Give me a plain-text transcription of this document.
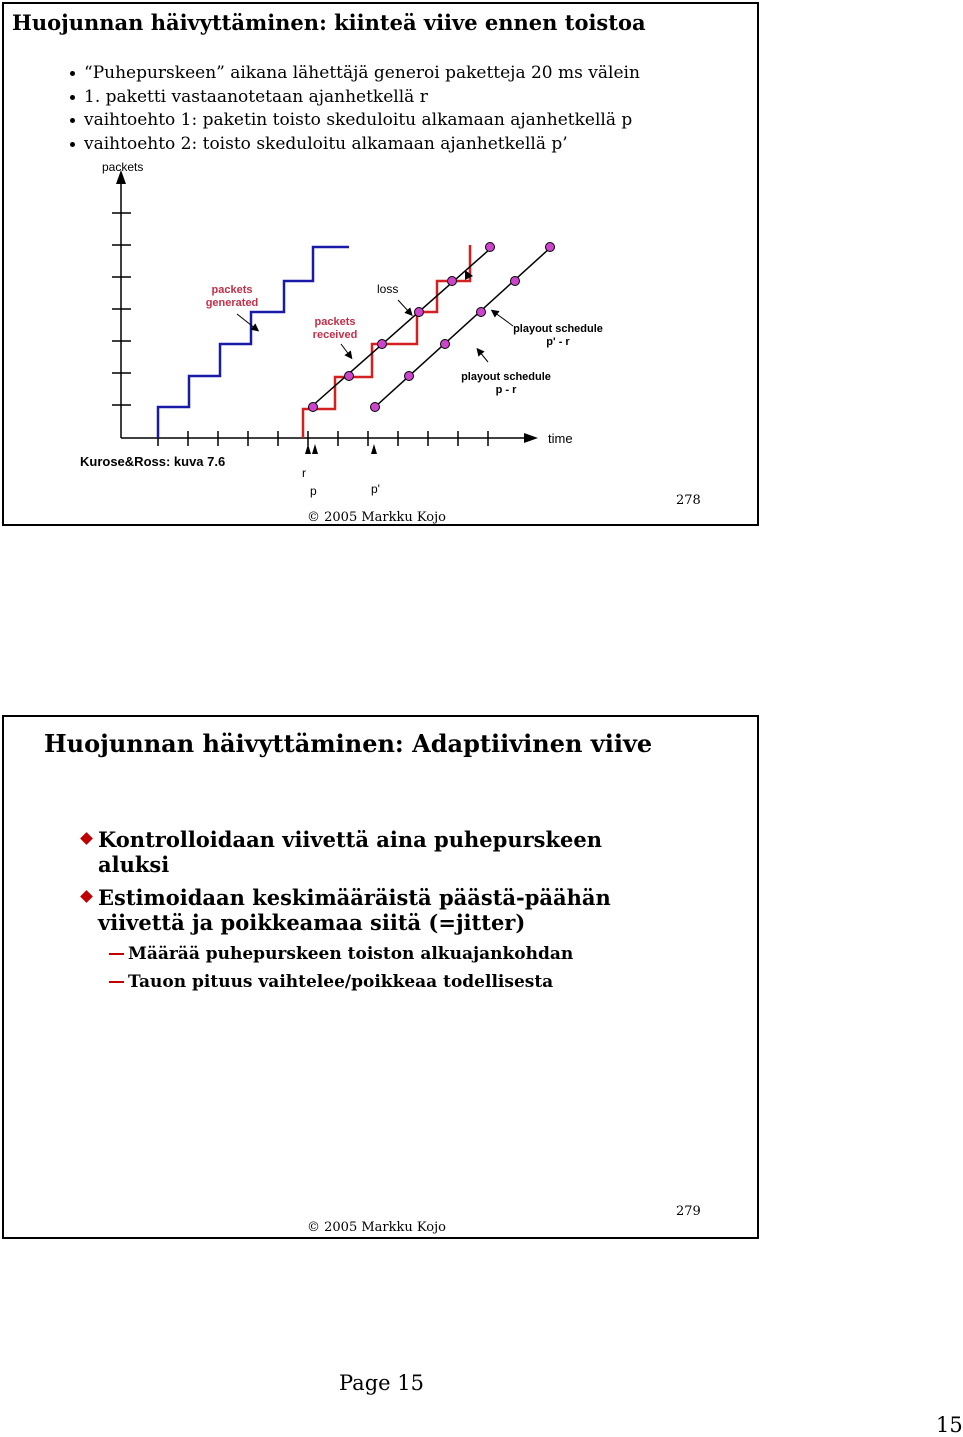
Huojunnan häivyttäminen: kiinteä viive ennen toistoa
“Puhepurskeen” aikana lähettäjä generoi paketteja 20 ms välein
1. paketti vastaanotetaan ajanhetkellä r
vaihtoehto 1: paketin toisto skeduloitu alkamaan ajanhetkellä p
vaihtoehto 2: toisto skeduloitu alkamaan ajanhetkellä p’
packets
time
Kurose&Ross: kuva 7.6
packets
generated
packets
received
loss
playout schedule
p' - r
playout schedule
p - r
r
p	p'
© 2005 Markku Kojo
278
Huojunnan häivyttäminen: Adaptiivinen viive
Kontrolloidaan viivettä aina puhepurskeen
aluksi
Estimoidaan keskimääräistä päästä-päähän
viivettä ja poikkeamaa siitä (=jitter)
Määrää puhepurskeen toiston alkuajankohdan
Tauon pituus vaihtelee/poikkeaa todellisesta
© 2005 Markku Kojo
279
Page 15
15
